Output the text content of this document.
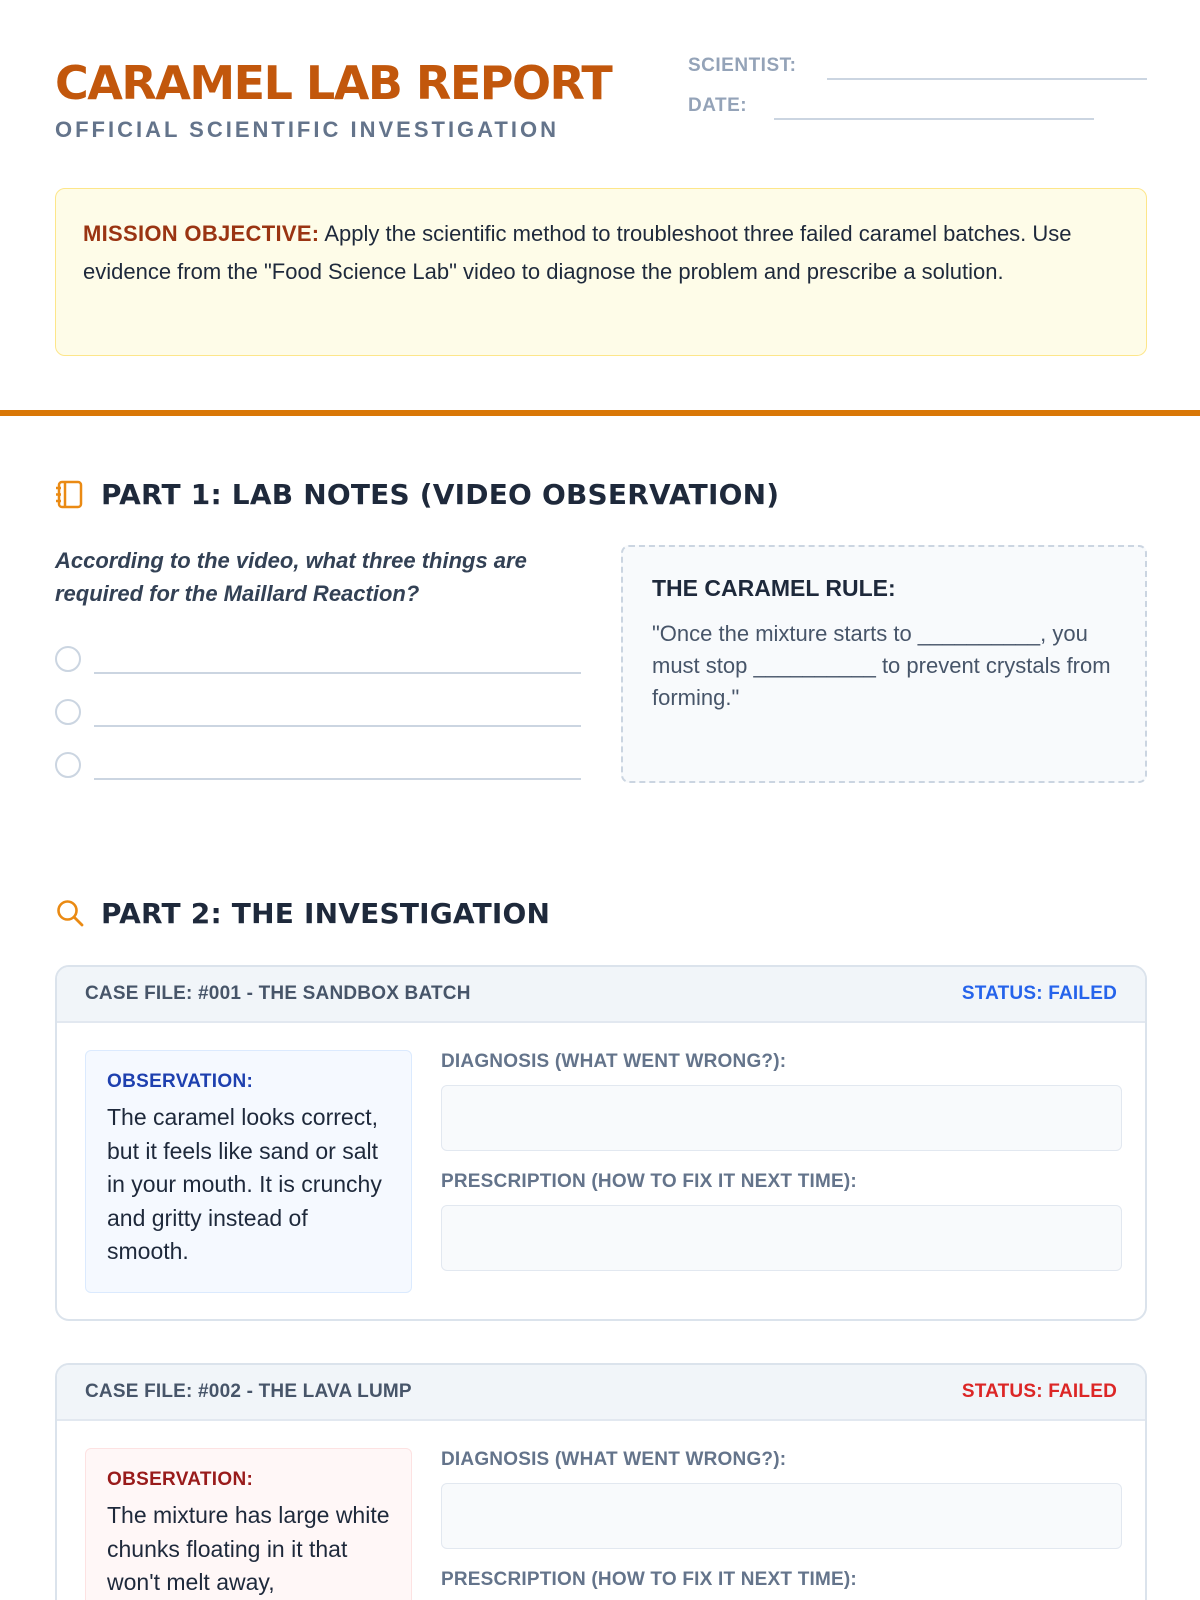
CARAMEL LAB REPORT
OFFICIAL SCIENTIFIC INVESTIGATION
SCIENTIST:
DATE:
MISSION OBJECTIVE: Apply the scientific method to troubleshoot three failed caramel batches. Use evidence from the "Food Science Lab" video to diagnose the problem and prescribe a solution.
PART 1: LAB NOTES (VIDEO OBSERVATION)
According to the video, what three things are required for the Maillard Reaction?	THE CARAMEL RULE:
"Once the mixture starts to __________, you must stop __________ to prevent crystals from forming."
PART 2: THE INVESTIGATION
CASE FILE: #001 - THE SANDBOX BATCH	STATUS: FAILED
OBSERVATION:
The caramel looks correct, but it feels like sand or salt in your mouth. It is crunchy and gritty instead of smooth.
DIAGNOSIS (WHAT WENT WRONG?):
PRESCRIPTION (HOW TO FIX IT NEXT TIME):
CASE FILE: #002 - THE LAVA LUMP	STATUS: FAILED
OBSERVATION:
The mixture has large white chunks floating in it that won't melt away,
DIAGNOSIS (WHAT WENT WRONG?):
PRESCRIPTION (HOW TO FIX IT NEXT TIME):
